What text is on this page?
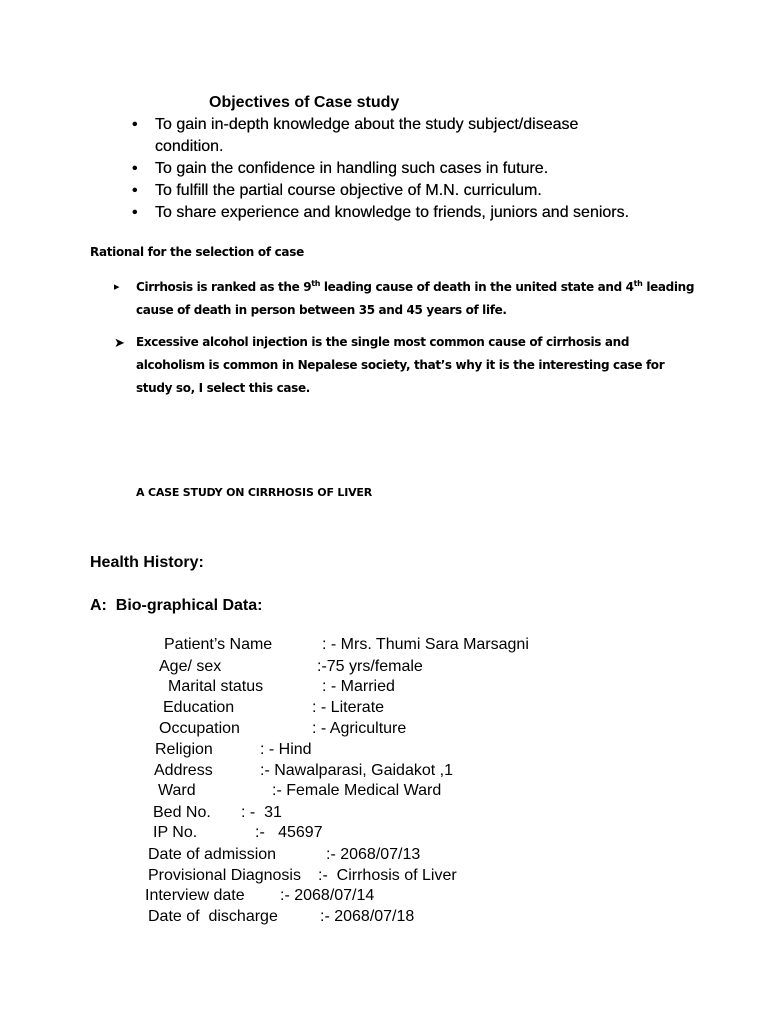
Objectives of Case study
• To gain in-depth knowledge about the study subject/disease condition.
• To gain the confidence in handling such cases in future.
• To fulfill the partial course objective of M.N. curriculum.
• To share experience and knowledge to friends, juniors and seniors.
Rational for the selection of case
▸ Cirrhosis is ranked as the 9th leading cause of death in the united state and 4th leading cause of death in person between 35 and 45 years of life.
➤ Excessive alcohol injection is the single most common cause of cirrhosis and alcoholism is common in Nepalese society, that’s why it is the interesting case for study so, I select this case.
A CASE STUDY ON CIRRHOSIS OF LIVER
Health History:
A:  Bio-graphical Data:
Patient’s Name	: - Mrs. Thumi Sara Marsagni
Age/ sex	:-75 yrs/female
Marital status	: - Married
Education	: - Literate
Occupation	: - Agriculture
Religion	: - Hind
Address	:- Nawalparasi, Gaidakot ,1
Ward	:- Female Medical Ward
Bed No. : -  31
IP No.	:-   45697
Date of admission	:- 2068/07/13
Provisional Diagnosis :-  Cirrhosis of Liver
Interview date :- 2068/07/14
Date of  discharge	:- 2068/07/18
